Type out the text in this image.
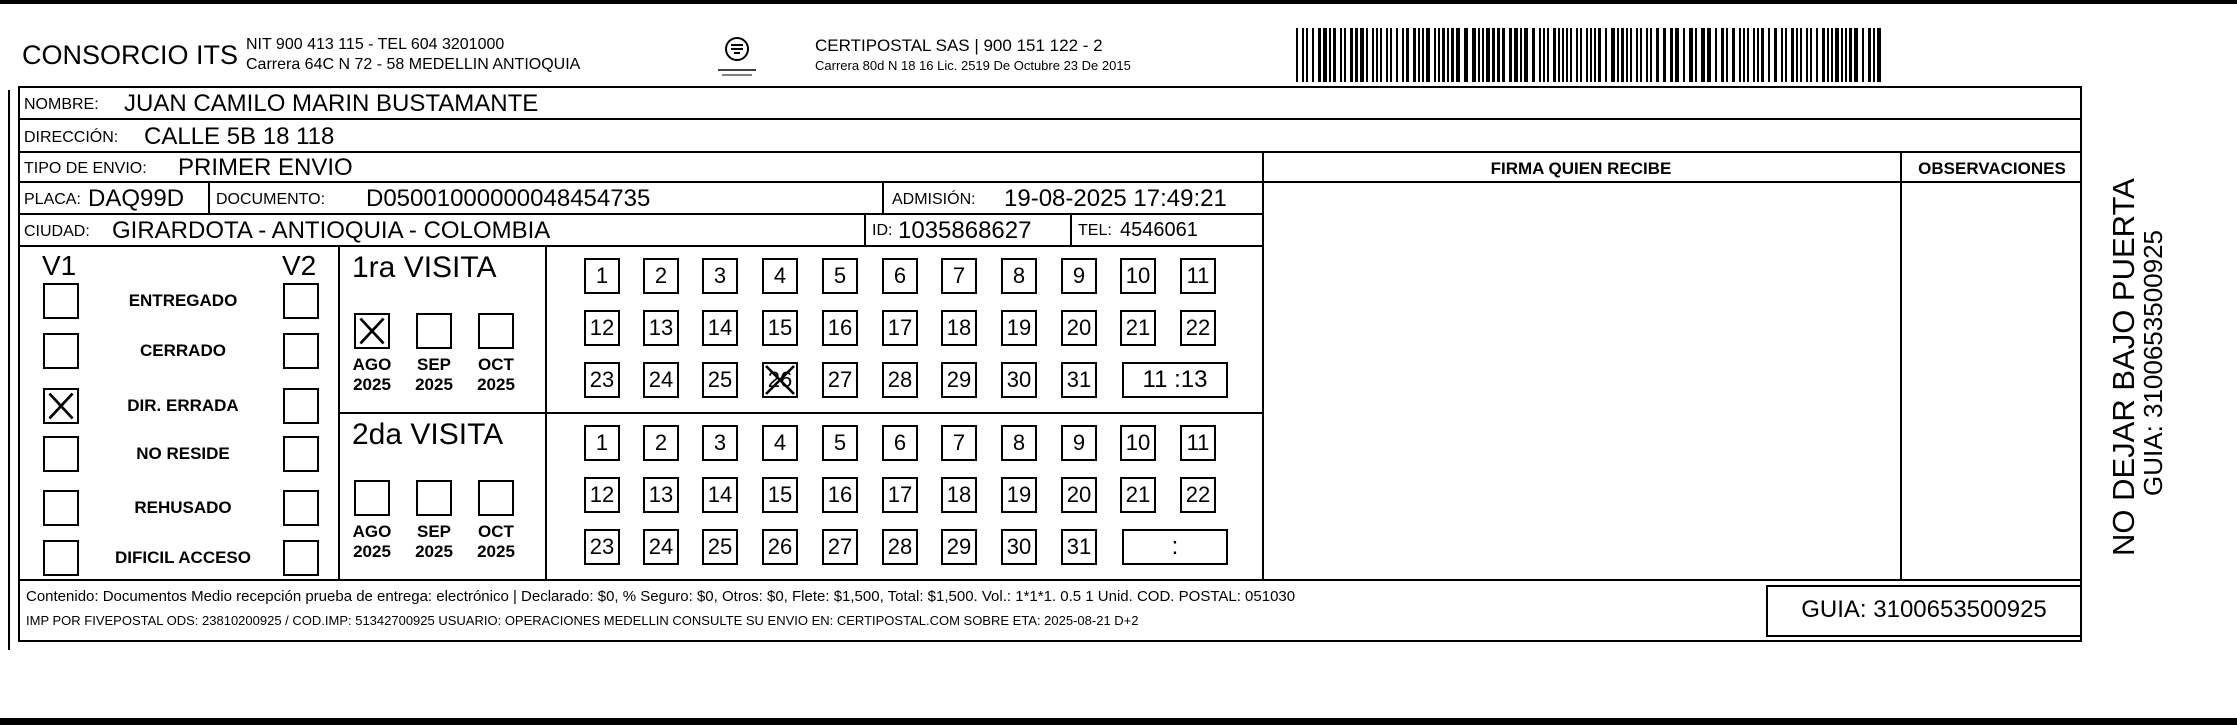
CONSORCIO ITS NIT 900 413 115 - TEL 604 3201000
Carrera 64C N 72 - 58 MEDELLIN ANTIOQUIA
CERTIPOSTAL SAS | 900 151 122 - 2
Carrera 80d N 18 16 Lic. 2519 De Octubre 23 De 2015
NOMBRE: JUAN CAMILO MARIN BUSTAMANTE
DIRECCIÓN: CALLE 5B 18 118
TIPO DE ENVIO: PRIMER ENVIO	FIRMA QUIEN RECIBE	OBSERVACIONES
PLACA: DAQ99D DOCUMENTO: D05001000000048454735	ADMISIÓN: 19-08-2025 17:49:21
CIUDAD: GIRARDOTA - ANTIOQUIA - COLOMBIA	ID: 1035868627	TEL: 4546061
V1	V2
ENTREGADO
CERRADO
DIR. ERRADA
NO RESIDE
REHUSADO
DIFICIL ACCESO
1ra VISITA
AGO
2025
SEP
2025
OCT
2025
1	2	3	4	5	6	7	8	9	10 11
12 13 14 15 16 17 18 19 20 21 22
23 24 25 26 27 28 29 30 31	11 :13
2da VISITA
AGO
2025
SEP
2025
OCT
2025
1	2	3	4	5	6	7	8	9	10 11
12 13 14 15 16 17 18 19 20 21 22
23 24 25 26 27 28 29 30 31	:
Contenido: Documentos Medio recepción prueba de entrega: electrónico | Declarado: $0, % Seguro: $0, Otros: $0, Flete: $1,500, Total: $1,500. Vol.: 1*1*1. 0.5 1 Unid. COD. POSTAL: 051030
IMP POR FIVEPOSTAL ODS: 23810200925 / COD.IMP: 51342700925 USUARIO: OPERACIONES MEDELLIN CONSULTE SU ENVIO EN: CERTIPOSTAL.COM SOBRE ETA: 2025-08-21 D+2	GUIA: 3100653500925
NO DEJAR BAJO PUERTA
GUIA: 3100653500925
